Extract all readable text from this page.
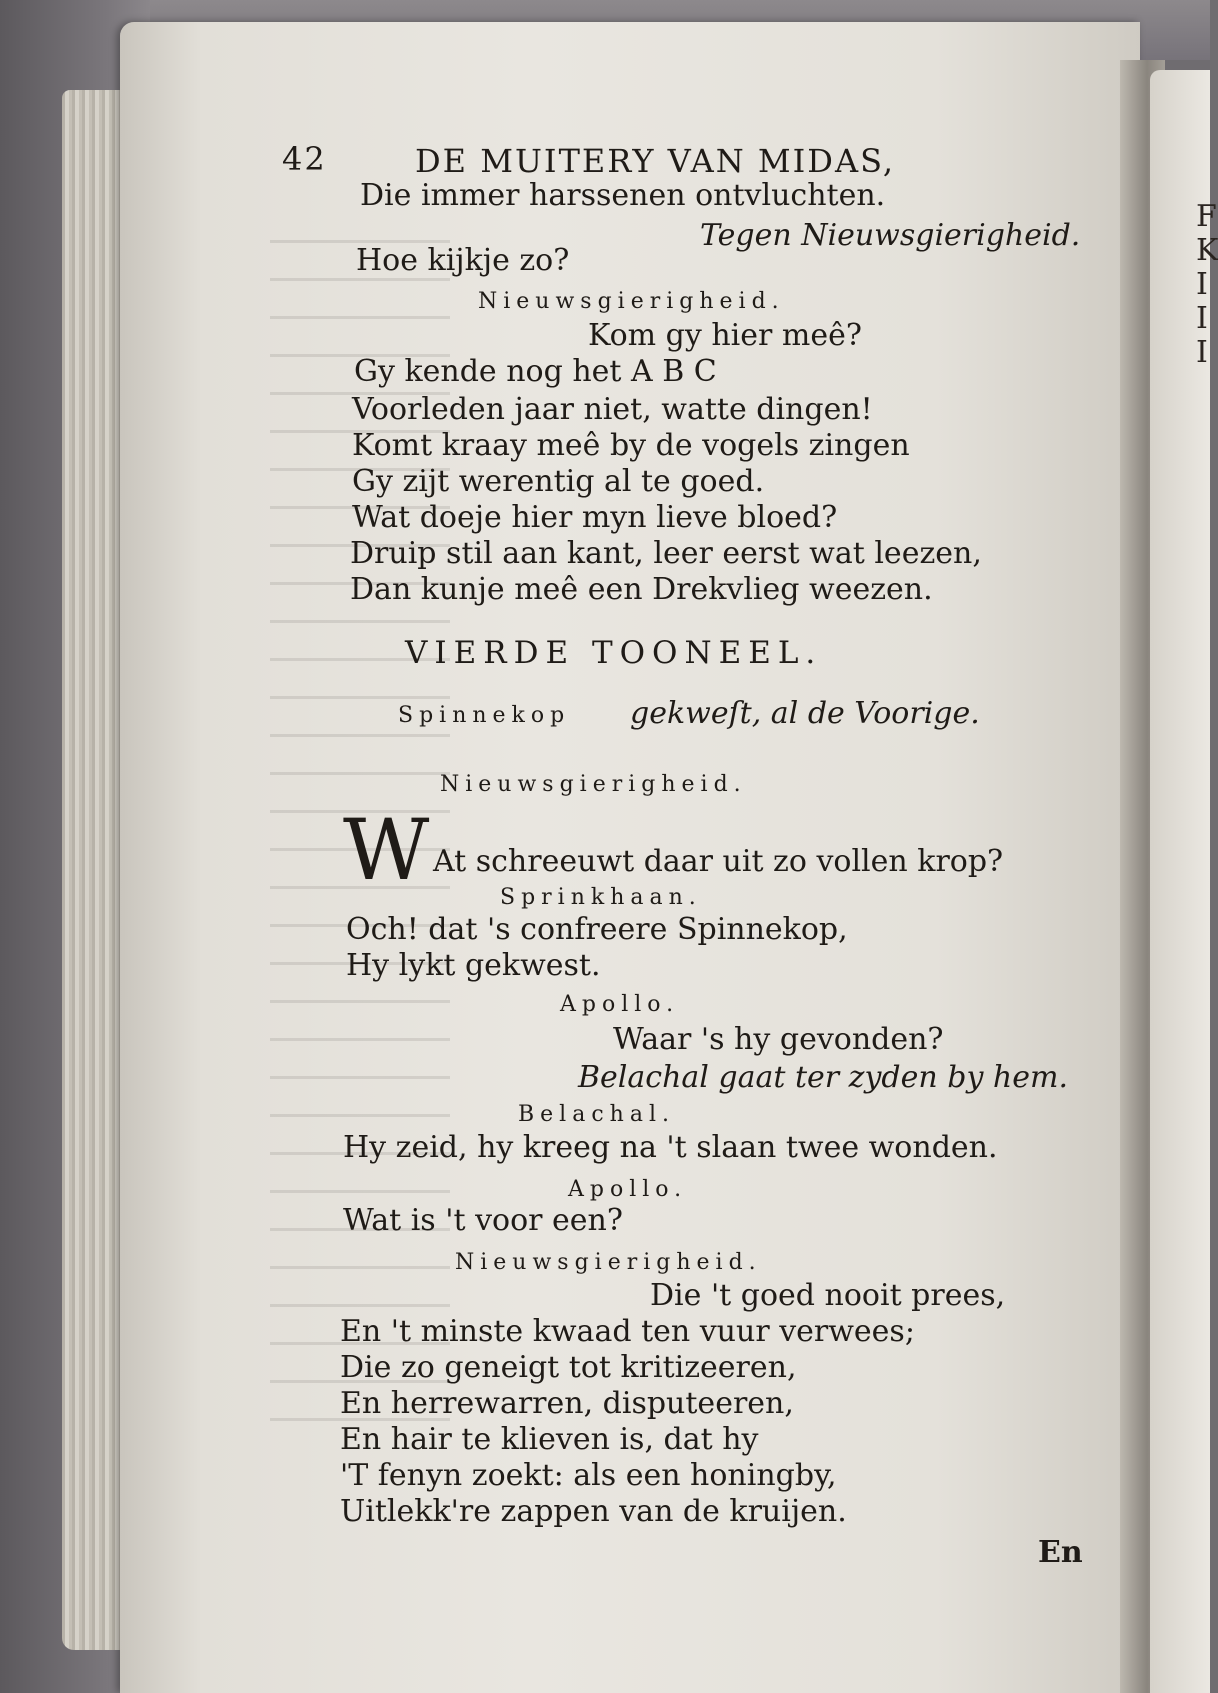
F
K
I
I
I
42	DE MUITERY VAN MIDAS,
Die immer harssenen ontvluchten.
Tegen Nieuwsgierigheid.
Hoe kijkje zo?
Nieuwsgierigheid.
Kom gy hier meê?
Gy kende nog het A B C
Voorleden jaar niet, watte dingen!
Komt kraay meê by de vogels zingen
Gy zijt werentig al te goed.
Wat doeje hier myn lieve bloed?
Druip stil aan kant, leer eerst wat leezen,
Dan kunje meê een Drekvlieg weezen.
VIERDE TOONEEL.
Spinnekop gekweſt, al de Voorige.
Nieuwsgierigheid.
W At schreeuwt daar uit zo vollen krop?
Sprinkhaan.
Och! dat 's confreere Spinnekop,
Hy lykt gekwest.
Apollo.
Waar 's hy gevonden?
Belachal gaat ter zyden by hem.
Belachal.
Hy zeid, hy kreeg na 't slaan twee wonden.
Apollo.
Wat is 't voor een?
Nieuwsgierigheid.
Die 't goed nooit prees,
En 't minste kwaad ten vuur verwees;
Die zo geneigt tot kritizeeren,
En herrewarren, disputeeren,
En hair te klieven is, dat hy
'T fenyn zoekt: als een honingby,
Uitlekk're zappen van de kruijen.
En
